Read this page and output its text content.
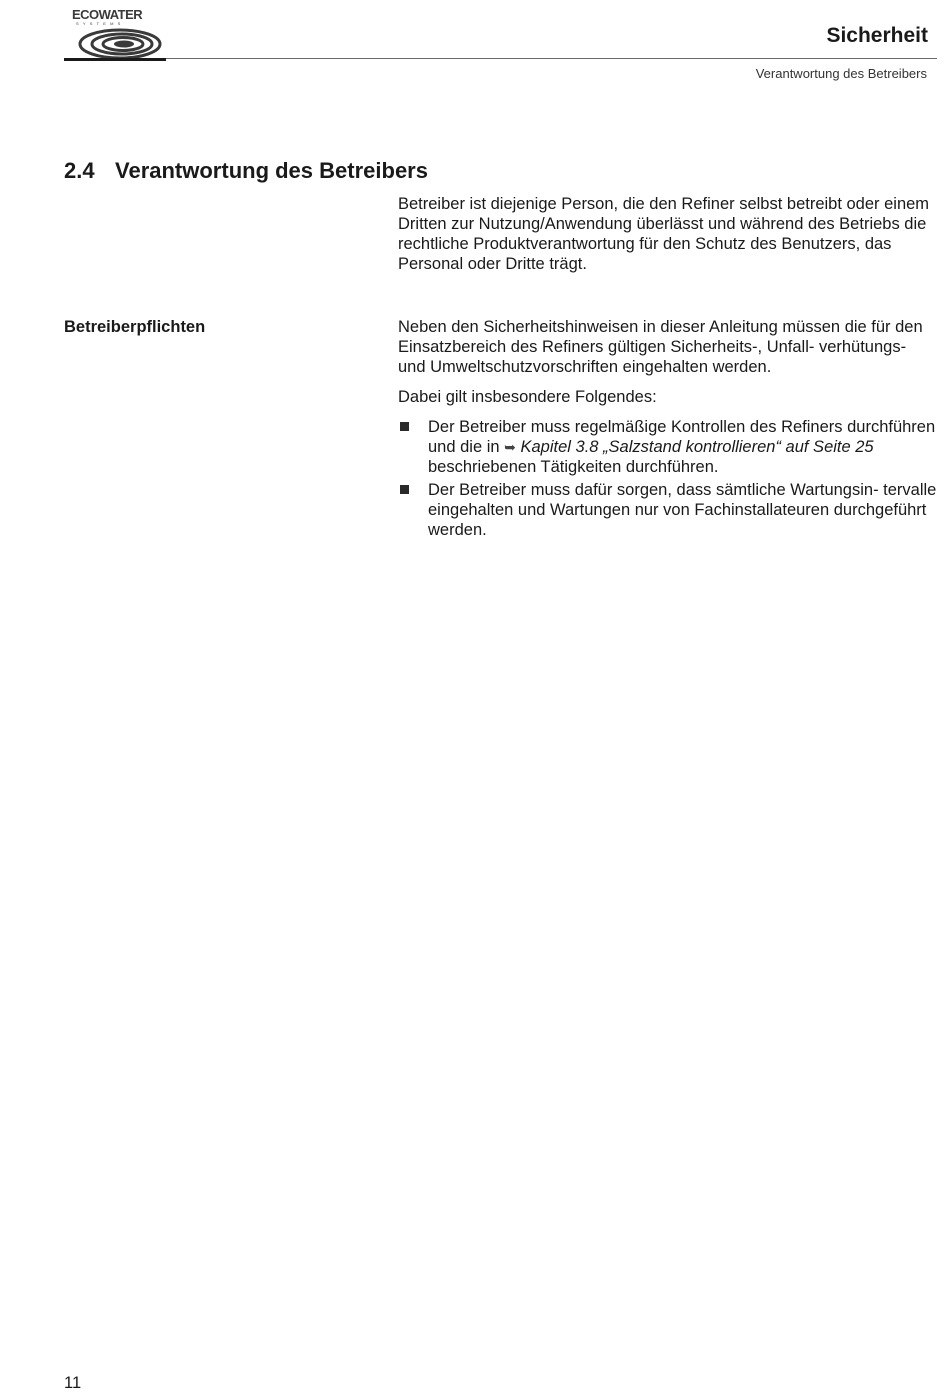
ECOWATER
SYSTEMS
Sicherheit
Verantwortung des Betreibers
2.4 Verantwortung des Betreibers

Betreiber ist diejenige Person, die den Refiner selbst betreibt oder einem Dritten zur Nutzung/Anwendung überlässt und während des Betriebs die rechtliche Produktverantwortung für den Schutz des Benutzers, das Personal oder Dritte trägt.

Betreiberpflichten	Neben den Sicherheitshinweisen in dieser Anleitung müssen die für den Einsatzbereich des Refiners gültigen Sicherheits-, Unfall- verhütungs- und Umweltschutzvorschriften eingehalten werden.

Dabei gilt insbesondere Folgendes:

Der Betreiber muss regelmäßige Kontrollen des Refiners durchführen und die in ➥ Kapitel 3.8 „Salzstand kontrollieren“ auf Seite 25 beschriebenen Tätigkeiten durchführen.
Der Betreiber muss dafür sorgen, dass sämtliche Wartungsin- tervalle eingehalten und Wartungen nur von Fachinstallateuren durchgeführt werden.
11
